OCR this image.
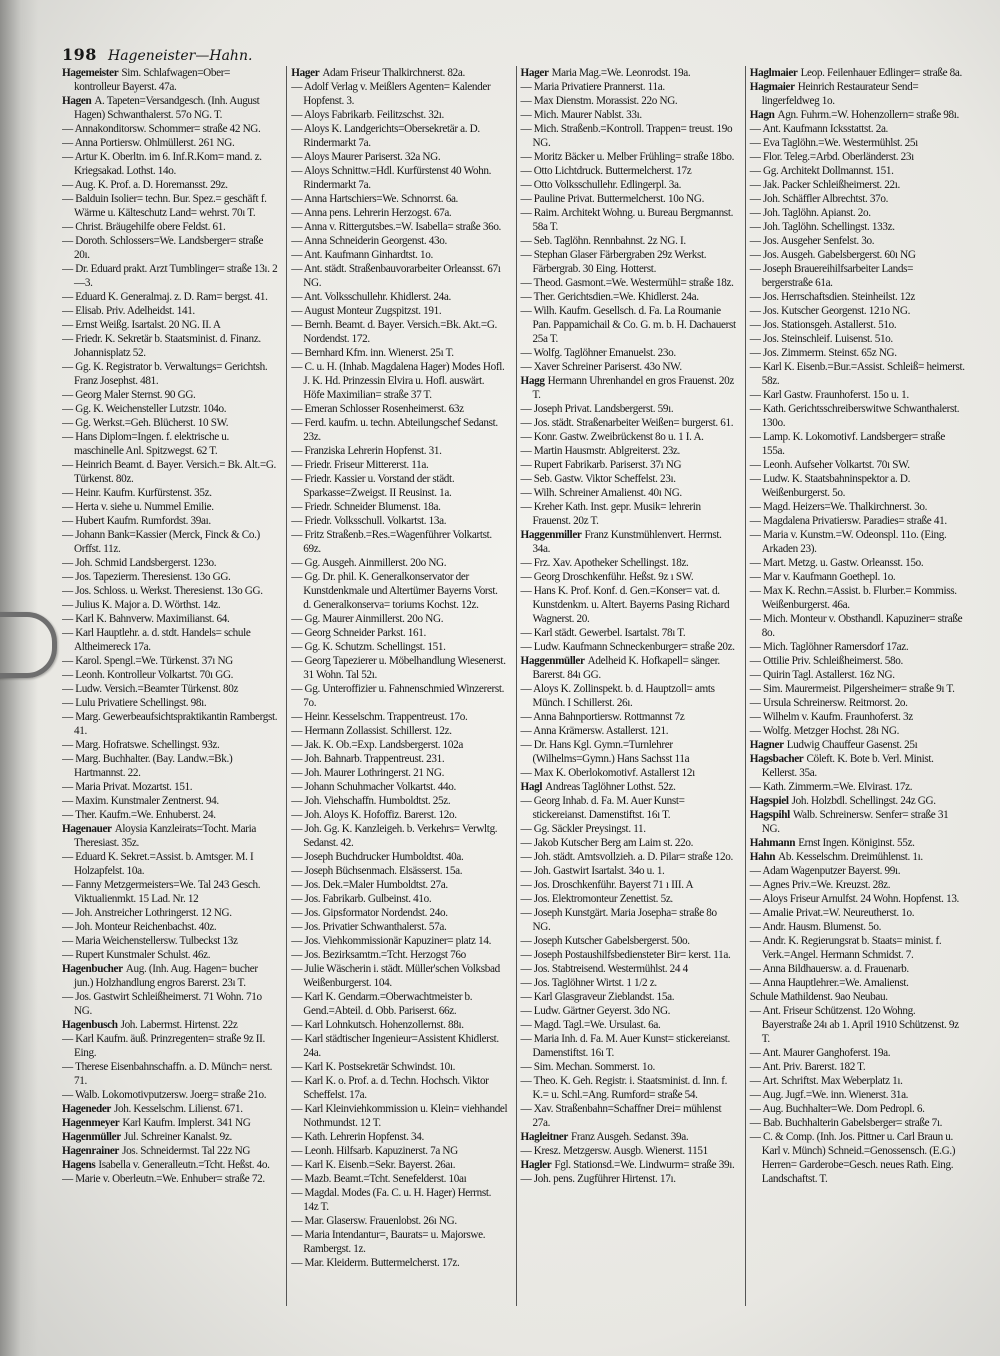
198 Hageneister—Hahn.

Hagemeister Sim. Schlafwagen=Ober= kontrolleur Bayerst. 47a.

Hagen A. Tapeten=Versandgesch. (Inh. August Hagen) Schwanthalerst. 57o NG. T.

— Annakonditorsw. Schommer= straße 42 NG.

— Anna Portiersw. Ohlmüllerst. 261 NG.

— Artur K. Oberltn. im 6. Inf.R.Kom= mand. z. Kriegsakad. Lothst. 14o.

— Aug. K. Prof. a. D. Horemansst. 29z.

— Balduin Isolier= techn. Bur. Spez.= geschäft f. Wärme u. Kälteschutz Land= wehrst. 70ı T.

— Christ. Bräugehilfe obere Feldst. 61.

— Doroth. Schlossers=We. Landsberger= straße 20ı.

— Dr. Eduard prakt. Arzt Tumblinger= straße 13ı. 2—3.

— Eduard K. Generalmaj. z. D. Ram= bergst. 41.

— Elisab. Priv. Adelheidst. 141.

— Ernst Weißg. Isartalst. 20 NG. II. A

— Friedr. K. Sekretär b. Staatsminist. d. Finanz. Johannisplatz 52.

— Gg. K. Registrator b. Verwaltungs= Gerichtsh. Franz Josephst. 481.

— Georg Maler Sternst. 90 GG.

— Gg. K. Weichensteller Lutzstr. 104o.

— Gg. Werkst.=Geh. Blücherst. 10 SW.

— Hans Diplom=Ingen. f. elektrische u. maschinelle Anl. Spitzwegst. 62 T.

— Heinrich Beamt. d. Bayer. Versich.= Bk. Alt.=G. Türkenst. 80z.

— Heinr. Kaufm. Kurfürstenst. 35z.

— Herta v. siehe u. Nummel Emilie.

— Hubert Kaufm. Rumfordst. 39aı.

— Johann Bank=Kassier (Merck, Finck & Co.) Orffst. 11z.

— Joh. Schmid Landsbergerst. 123o.

— Jos. Tapezierm. Theresienst. 13o GG.

— Jos. Schloss. u. Werkst. Theresienst. 13o GG.

— Julius K. Major a. D. Wörthst. 14z.

— Karl K. Bahnverw. Maximilianst. 64.

— Karl Hauptlehr. a. d. stdt. Handels= schule Altheimereck 17a.

— Karol. Spengl.=We. Türkenst. 37ı NG

— Leonh. Kontrolleur Volkartst. 70ı GG.

— Ludw. Versich.=Beamter Türkenst. 80z

— Lulu Privatiere Schellingst. 98ı.

— Marg. Gewerbeaufsichtspraktikantin Rambergst. 41.

— Marg. Hofratswe. Schellingst. 93z.

— Marg. Buchhalter. (Bay. Landw.=Bk.) Hartmannst. 22.

— Maria Privat. Mozartst. 151.

— Maxim. Kunstmaler Zentnerst. 94.

— Ther. Kaufm.=We. Enhuberst. 24.

Hagenauer Aloysia Kanzleirats=Tocht. Maria Theresiast. 35z.

— Eduard K. Sekret.=Assist. b. Amtsger. M. I Holzapfelst. 10a.

— Fanny Metzgermeisters=We. Tal 243 Gesch. Viktualienmkt. 15 Lad. Nr. 12

— Joh. Anstreicher Lothringerst. 12 NG.

— Joh. Monteur Reichenbachst. 40z.

— Maria Weichenstellersw. Tulbeckst 13z

— Rupert Kunstmaler Schulst. 46z.

Hagenbucher Aug. (Inh. Aug. Hagen= bucher jun.) Holzhandlung engros Barerst. 23ı T.

— Jos. Gastwirt Schleißheimerst. 71 Wohn. 71o NG.

Hagenbusch Joh. Labermst. Hirtenst. 22z

— Karl Kaufm. äuß. Prinzregenten= straße 9z II. Eing.

— Therese Eisenbahnschaffn. a. D. Münch= nerst. 71.

— Walb. Lokomotivputzersw. Joerg= straße 21o.

Hageneder Joh. Kesselschm. Lilienst. 671.

Hagenmeyer Karl Kaufm. Implerst. 341 NG

Hagenmüller Jul. Schreiner Kanalst. 9z.

Hagenrainer Jos. Schneidermst. Tal 22z NG

Hagens Isabella v. Generalleutn.=Tcht. Heßst. 4o.

— Marie v. Oberleutn.=We. Enhuber= straße 72.

Hager Adam Friseur Thalkirchnerst. 82a.

— Adolf Verlag v. Meißlers Agenten= Kalender Hopfenst. 3.

— Aloys Fabrikarb. Feilitzschst. 32ı.

— Aloys K. Landgerichts=Obersekretär a. D. Rindermarkt 7a.

— Aloys Maurer Pariserst. 32a NG.

— Aloys Schnittw.=Hdl. Kurfürstenst 40 Wohn. Rindermarkt 7a.

— Anna Hartschiers=We. Schnorrst. 6a.

— Anna pens. Lehrerin Herzogst. 67a.

— Anna v. Rittergutsbes.=W. Isabella= straße 36o.

— Anna Schneiderin Georgenst. 43o.

— Ant. Kaufmann Ginhardtst. 1o.

— Ant. städt. Straßenbauvorarbeiter Orleansst. 67ı NG.

— Ant. Volksschullehr. Khidlerst. 24a.

— August Monteur Zugspitzst. 191.

— Bernh. Beamt. d. Bayer. Versich.=Bk. Akt.=G. Nordendst. 172.

— Bernhard Kfm. inn. Wienerst. 25ı T.

— C. u. H. (Inhab. Magdalena Hager) Modes Hofl. J. K. Hd. Prinzessin Elvira u. Hofl. auswärt. Höfe Maximilian= straße 37 T.

— Emeran Schlosser Rosenheimerst. 63z

— Ferd. kaufm. u. techn. Abteilungschef Sedanst. 23z.

— Franziska Lehrerin Hopfenst. 31.

— Friedr. Friseur Mittererst. 11a.

— Friedr. Kassier u. Vorstand der städt. Sparkasse=Zweigst. II Reusinst. 1a.

— Friedr. Schneider Blumenst. 18a.

— Friedr. Volksschull. Volkartst. 13a.

— Fritz Straßenb.=Res.=Wagenführer Volkartst. 69z.

— Gg. Ausgeh. Ainmillerst. 20o NG.

— Gg. Dr. phil. K. Generalkonservator der Kunstdenkmale und Altertümer Bayerns Vorst. d. Generalkonserva= toriums Kochst. 12z.

— Gg. Maurer Ainmillerst. 20o NG.

— Georg Schneider Parkst. 161.

— Gg. K. Schutzm. Schellingst. 151.

— Georg Tapezierer u. Möbelhandlung Wiesenerst. 31 Wohn. Tal 52ı.

— Gg. Unteroffizier u. Fahnenschmied Winzererst. 7o.

— Heinr. Kesselschm. Trappentreust. 17o.

— Hermann Zollassist. Schillerst. 12z.

— Jak. K. Ob.=Exp. Landsbergerst. 102a

— Joh. Bahnarb. Trappentreust. 231.

— Joh. Maurer Lothringerst. 21 NG.

— Johann Schuhmacher Volkartst. 44o.

— Joh. Viehschaffn. Humboldtst. 25z.

— Joh. Aloys K. Hofoffiz. Barerst. 12o.

— Joh. Gg. K. Kanzleigeh. b. Verkehrs= Verwltg. Sedanst. 42.

— Joseph Buchdrucker Humboldtst. 40a.

— Joseph Büchsenmach. Elsässerst. 15a.

— Jos. Dek.=Maler Humboldtst. 27a.

— Jos. Fabrikarb. Gulbeinst. 41o.

— Jos. Gipsformator Nordendst. 24o.

— Jos. Privatier Schwanthalerst. 57a.

— Jos. Viehkommissionär Kapuziner= platz 14.

— Jos. Bezirksamtm.=Tcht. Herzogst 76o

— Julie Wäscherin i. städt. Müller'schen Volksbad Weißenburgerst. 104.

— Karl K. Gendarm.=Oberwachtmeister b. Gend.=Abteil. d. Obb. Pariserst. 66z.

— Karl Lohnkutsch. Hohenzollernst. 88ı.

— Karl städtischer Ingenieur=Assistent Khidlerst. 24a.

— Karl K. Postsekretär Schwindst. 10ı.

— Karl K. o. Prof. a. d. Techn. Hochsch. Viktor Scheffelst. 17a.

— Karl Kleinviehkommission u. Klein= viehhandel Nothmundst. 12 T.

— Kath. Lehrerin Hopfenst. 34.

— Leonh. Hilfsarb. Kapuzinerst. 7a NG

— Karl K. Eisenb.=Sekr. Bayerst. 26aı.

— Mazb. Beamt.=Tcht. Senefelderst. 10aı

— Magdal. Modes (Fa. C. u. H. Hager) Herrnst. 14z T.

— Mar. Glasersw. Frauenlobst. 26ı NG.

— Maria Intendantur=, Baurats= u. Majorswe. Rambergst. 1z.

— Mar. Kleiderm. Buttermelcherst. 17z.

Hager Maria Mag.=We. Leonrodst. 19a.

— Maria Privatiere Prannerst. 11a.

— Max Dienstm. Morassist. 22o NG.

— Mich. Maurer Nablst. 33ı.

— Mich. Straßenb.=Kontroll. Trappen= treust. 19o NG.

— Moritz Bäcker u. Melber Frühling= straße 18bo.

— Otto Lichtdruck. Buttermelcherst. 17z

— Otto Volksschullehr. Edlingerpl. 3a.

— Pauline Privat. Buttermelcherst. 10o NG.

— Raim. Architekt Wohng. u. Bureau Bergmannst. 58a T.

— Seb. Taglöhn. Rennbahnst. 2z NG. I.

— Stephan Glaser Färbergraben 29z Werkst. Färbergrab. 30 Eing. Hotterst.

— Theod. Gasmont.=We. Westermühl= straße 18z.

— Ther. Gerichtsdien.=We. Khidlerst. 24a.

— Wilh. Kaufm. Gesellsch. d. Fa. La Roumanie Pan. Pappamichail & Co. G. m. b. H. Dachauerst 25a T.

— Wolfg. Taglöhner Emanuelst. 23o.

— Xaver Schreiner Pariserst. 43o NW.

Hagg Hermann Uhrenhandel en gros Frauenst. 20z T.

— Joseph Privat. Landsbergerst. 59ı.

— Jos. städt. Straßenarbeiter Weißen= burgerst. 61.

— Konr. Gastw. Zweibrückenst 8o u. 1 I. A.

— Martin Hausmstr. Ablgreiterst. 23z.

— Rupert Fabrikarb. Pariserst. 37ı NG

— Seb. Gastw. Viktor Scheffelst. 23ı.

— Wilh. Schreiner Amalienst. 40ı NG.

— Kreher Kath. Inst. gepr. Musik= lehrerin Frauenst. 20z T.

Haggenmiller Franz Kunstmühlenvert. Herrnst. 34a.

— Frz. Xav. Apotheker Schellingst. 18z.

— Georg Droschkenführ. Heßst. 9z ı SW.

— Hans K. Prof. Konf. d. Gen.=Konser= vat. d. Kunstdenkm. u. Altert. Bayerns Pasing Richard Wagnerst. 20.

— Karl städt. Gewerbel. Isartalst. 78ı T.

— Ludw. Kaufmann Schneckenburger= straße 20z.

Haggenmüller Adelheid K. Hofkapell= sänger. Barerst. 84ı GG.

— Aloys K. Zollinspekt. b. d. Hauptzoll= amts Münch. I Schillerst. 26ı.

— Anna Bahnportiersw. Rottmannst 7z

— Anna Krämersw. Astallerst. 121.

— Dr. Hans Kgl. Gymn.=Turnlehrer (Wilhelms=Gymn.) Hans Sachsst 11a

— Max K. Oberlokomotivf. Astallerst 12ı

Hagl Andreas Taglöhner Lothst. 52z.

— Georg Inhab. d. Fa. M. Auer Kunst= stickereianst. Damenstiftst. 16ı T.

— Gg. Säckler Preysingst. 11.

— Jakob Kutscher Berg am Laim st. 22o.

— Joh. städt. Amtsvollzieh. a. D. Pilar= straße 12o.

— Joh. Gastwirt Isartalst. 34o u. 1.

— Jos. Droschkenführ. Bayerst 71 ı III. A

— Jos. Elektromonteur Zenettist. 5z.

— Joseph Kunstgärt. Maria Josepha= straße 8o NG.

— Joseph Kutscher Gabelsbergerst. 50o.

— Joseph Postaushilfsbediensteter Bir= kerst. 11a.

— Jos. Stabtreisend. Westermühlst. 24 4

— Jos. Taglöhner Wirtst. 1 1/2 z.

— Karl Glasgraveur Zieblandst. 15a.

— Ludw. Gärtner Geyerst. 3do NG.

— Magd. Tagl.=We. Ursulast. 6a.

— Maria Inh. d. Fa. M. Auer Kunst= stickereianst. Damenstiftst. 16ı T.

— Sim. Mechan. Sommerst. 1o.

— Theo. K. Geh. Registr. i. Staatsminist. d. Inn. f. K.= u. Schl.=Ang. Rumford= straße 54.

— Xav. Straßenbahn=Schaffner Drei= mühlenst 27a.

Hagleitner Franz Ausgeh. Sedanst. 39a.

— Kresz. Metzgersw. Ausgb. Wienerst. 1151

Hagler Fgl. Stationsd.=We. Lindwurm= straße 39ı.

— Joh. pens. Zugführer Hirtenst. 17ı.

Haglmaier Leop. Feilenhauer Edlinger= straße 8a.

Hagmaier Heinrich Restaurateur Send= lingerfeldweg 1o.

Hagn Agn. Fuhrm.=W. Hohenzollern= straße 98ı.

— Ant. Kaufmann Icksstattst. 2a.

— Eva Taglöhn.=We. Westermühlst. 25ı

— Flor. Teleg.=Arbd. Oberländerst. 23ı

— Gg. Architekt Dollmannst. 151.

— Jak. Packer Schleißheimerst. 22ı.

— Joh. Schäffler Albrechtst. 37o.

— Joh. Taglöhn. Apianst. 2o.

— Joh. Taglöhn. Schellingst. 133z.

— Jos. Ausgeher Senfelst. 3o.

— Jos. Ausgeh. Gabelsbergerst. 60ı NG

— Joseph Brauereihilfsarbeiter Lands= bergerstraße 61a.

— Jos. Herrschaftsdien. Steinheilst. 12z

— Jos. Kutscher Georgenst. 121o NG.

— Jos. Stationsgeh. Astallerst. 51o.

— Jos. Steinschleif. Luisenst. 51o.

— Jos. Zimmerm. Steinst. 65z NG.

— Karl K. Eisenb.=Bur.=Assist. Schleiß= heimerst. 58z.

— Karl Gastw. Fraunhoferst. 15o u. 1.

— Kath. Gerichtsschreiberswitwe Schwanthalerst. 130o.

— Lamp. K. Lokomotivf. Landsberger= straße 155a.

— Leonh. Aufseher Volkartst. 70ı SW.

— Ludw. K. Staatsbahninspektor a. D. Weißenburgerst. 5o.

— Magd. Heizers=We. Thalkirchnerst. 3o.

— Magdalena Privatiersw. Paradies= straße 41.

— Maria v. Kunstm.=W. Odeonspl. 11o. (Eing. Arkaden 23).

— Mart. Metzg. u. Gastw. Orleansst. 15o.

— Mar v. Kaufmann Goethepl. 1o.

— Max K. Rechn.=Assist. b. Flurber.= Kommiss. Weißenburgerst. 46a.

— Mich. Monteur v. Obsthandl. Kapuziner= straße 8o.

— Mich. Taglöhner Ramersdorf 17az.

— Ottilie Priv. Schleißheimerst. 58o.

— Quirin Tagl. Astallerst. 16z NG.

— Sim. Maurermeist. Pilgersheimer= straße 9ı T.

— Ursula Schreinersw. Reitmorst. 2o.

— Wilhelm v. Kaufm. Fraunhoferst. 3z

— Wolfg. Metzger Hochst. 28ı NG.

Hagner Ludwig Chauffeur Gasenst. 25ı

Hagsbacher Cöleft. K. Bote b. Verl. Minist. Kellerst. 35a.

— Kath. Zimmerm.=We. Elvirast. 17z.

Hagspiel Joh. Holzbdl. Schellingst. 24z GG.

Hagspihl Walb. Schreinersw. Senfer= straße 31 NG.

Hahmann Ernst Ingen. Königinst. 55z.

Hahn Ab. Kesselschm. Dreimühlenst. 1ı.

— Adam Wagenputzer Bayerst. 99ı.

— Agnes Priv.=We. Kreuzst. 28z.

— Aloys Friseur Arnulfst. 24 Wohn. Hopfenst. 13.

— Amalie Privat.=W. Neureutherst. 1o.

— Andr. Hausm. Blumenst. 5o.

— Andr. K. Regierungsrat b. Staats= minist. f. Verk.=Angel. Hermann Schmidst. 7.

— Anna Bildhauersw. a. d. Frauenarb.

— Anna Hauptlehrer.=We. Amalienst.

Schule Mathildenst. 9ao Neubau.

— Ant. Friseur Schützenst. 12o Wohng. Bayerstraße 24ı ab 1. April 1910 Schützenst. 9z T.

— Ant. Maurer Ganghoferst. 19a.

— Ant. Priv. Barerst. 182 T.

— Art. Schriftst. Max Weberplatz 1ı.

— Aug. Jugf.=We. inn. Wienerst. 31a.

— Aug. Buchhalter=We. Dom Pedropl. 6.

— Bab. Buchhalterin Gabelsberger= straße 7ı.

— C. & Comp. (Inh. Jos. Pittner u. Carl Braun u. Karl v. Münch) Schneid.=Genossensch. (E.G.) Herren= Garderobe=Gesch. neues Rath. Eing. Landschaftst. T.
